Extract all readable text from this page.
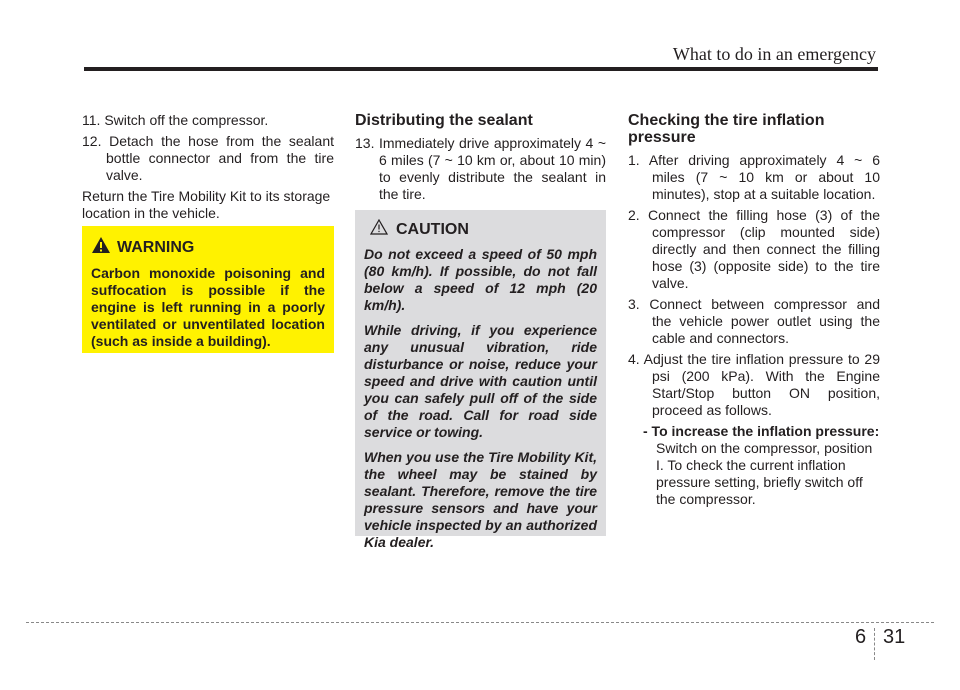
What to do in an emergency

11. Switch off the compressor.

12. Detach the hose from the sealant bottle connector and from the tire valve.

Return the Tire Mobility Kit to its storage location in the vehicle.

WARNING
Carbon monoxide poisoning and suffocation is possible if the engine is left running in a poorly ventilated or unventilated location (such as inside a building).
Distributing the sealant

13. Immediately drive approximately 4 ~ 6 miles (7 ~ 10 km or, about 10 min) to evenly distribute the sealant in the tire.

CAUTION

Do not exceed a speed of 50 mph (80 km/h). If possible, do not fall below a speed of 12 mph (20 km/h).

While driving, if you experience any unusual vibration, ride disturbance or noise, reduce your speed and drive with caution until you can safely pull off of the side of the road. Call for road side service or towing.

When you use the Tire Mobility Kit, the wheel may be stained by sealant. Therefore, remove the tire pressure sensors and have your vehicle inspected by an authorized Kia dealer.

Checking the tire inflation pressure

1. After driving approximately 4 ~ 6 miles (7 ~ 10 km or about 10 minutes), stop at a suitable location.

2. Connect the filling hose (3) of the compressor (clip mounted side) directly and then connect the filling hose (3) (opposite side) to the tire valve.

3. Connect between compressor and the vehicle power outlet using the cable and connectors.

4. Adjust the tire inflation pressure to 29 psi (200 kPa). With the Engine Start/Stop button ON position, proceed as follows.

- To increase the inflation pressure: Switch on the compressor, position I. To check the current inflation pressure setting, briefly switch off the compressor.

6 31
